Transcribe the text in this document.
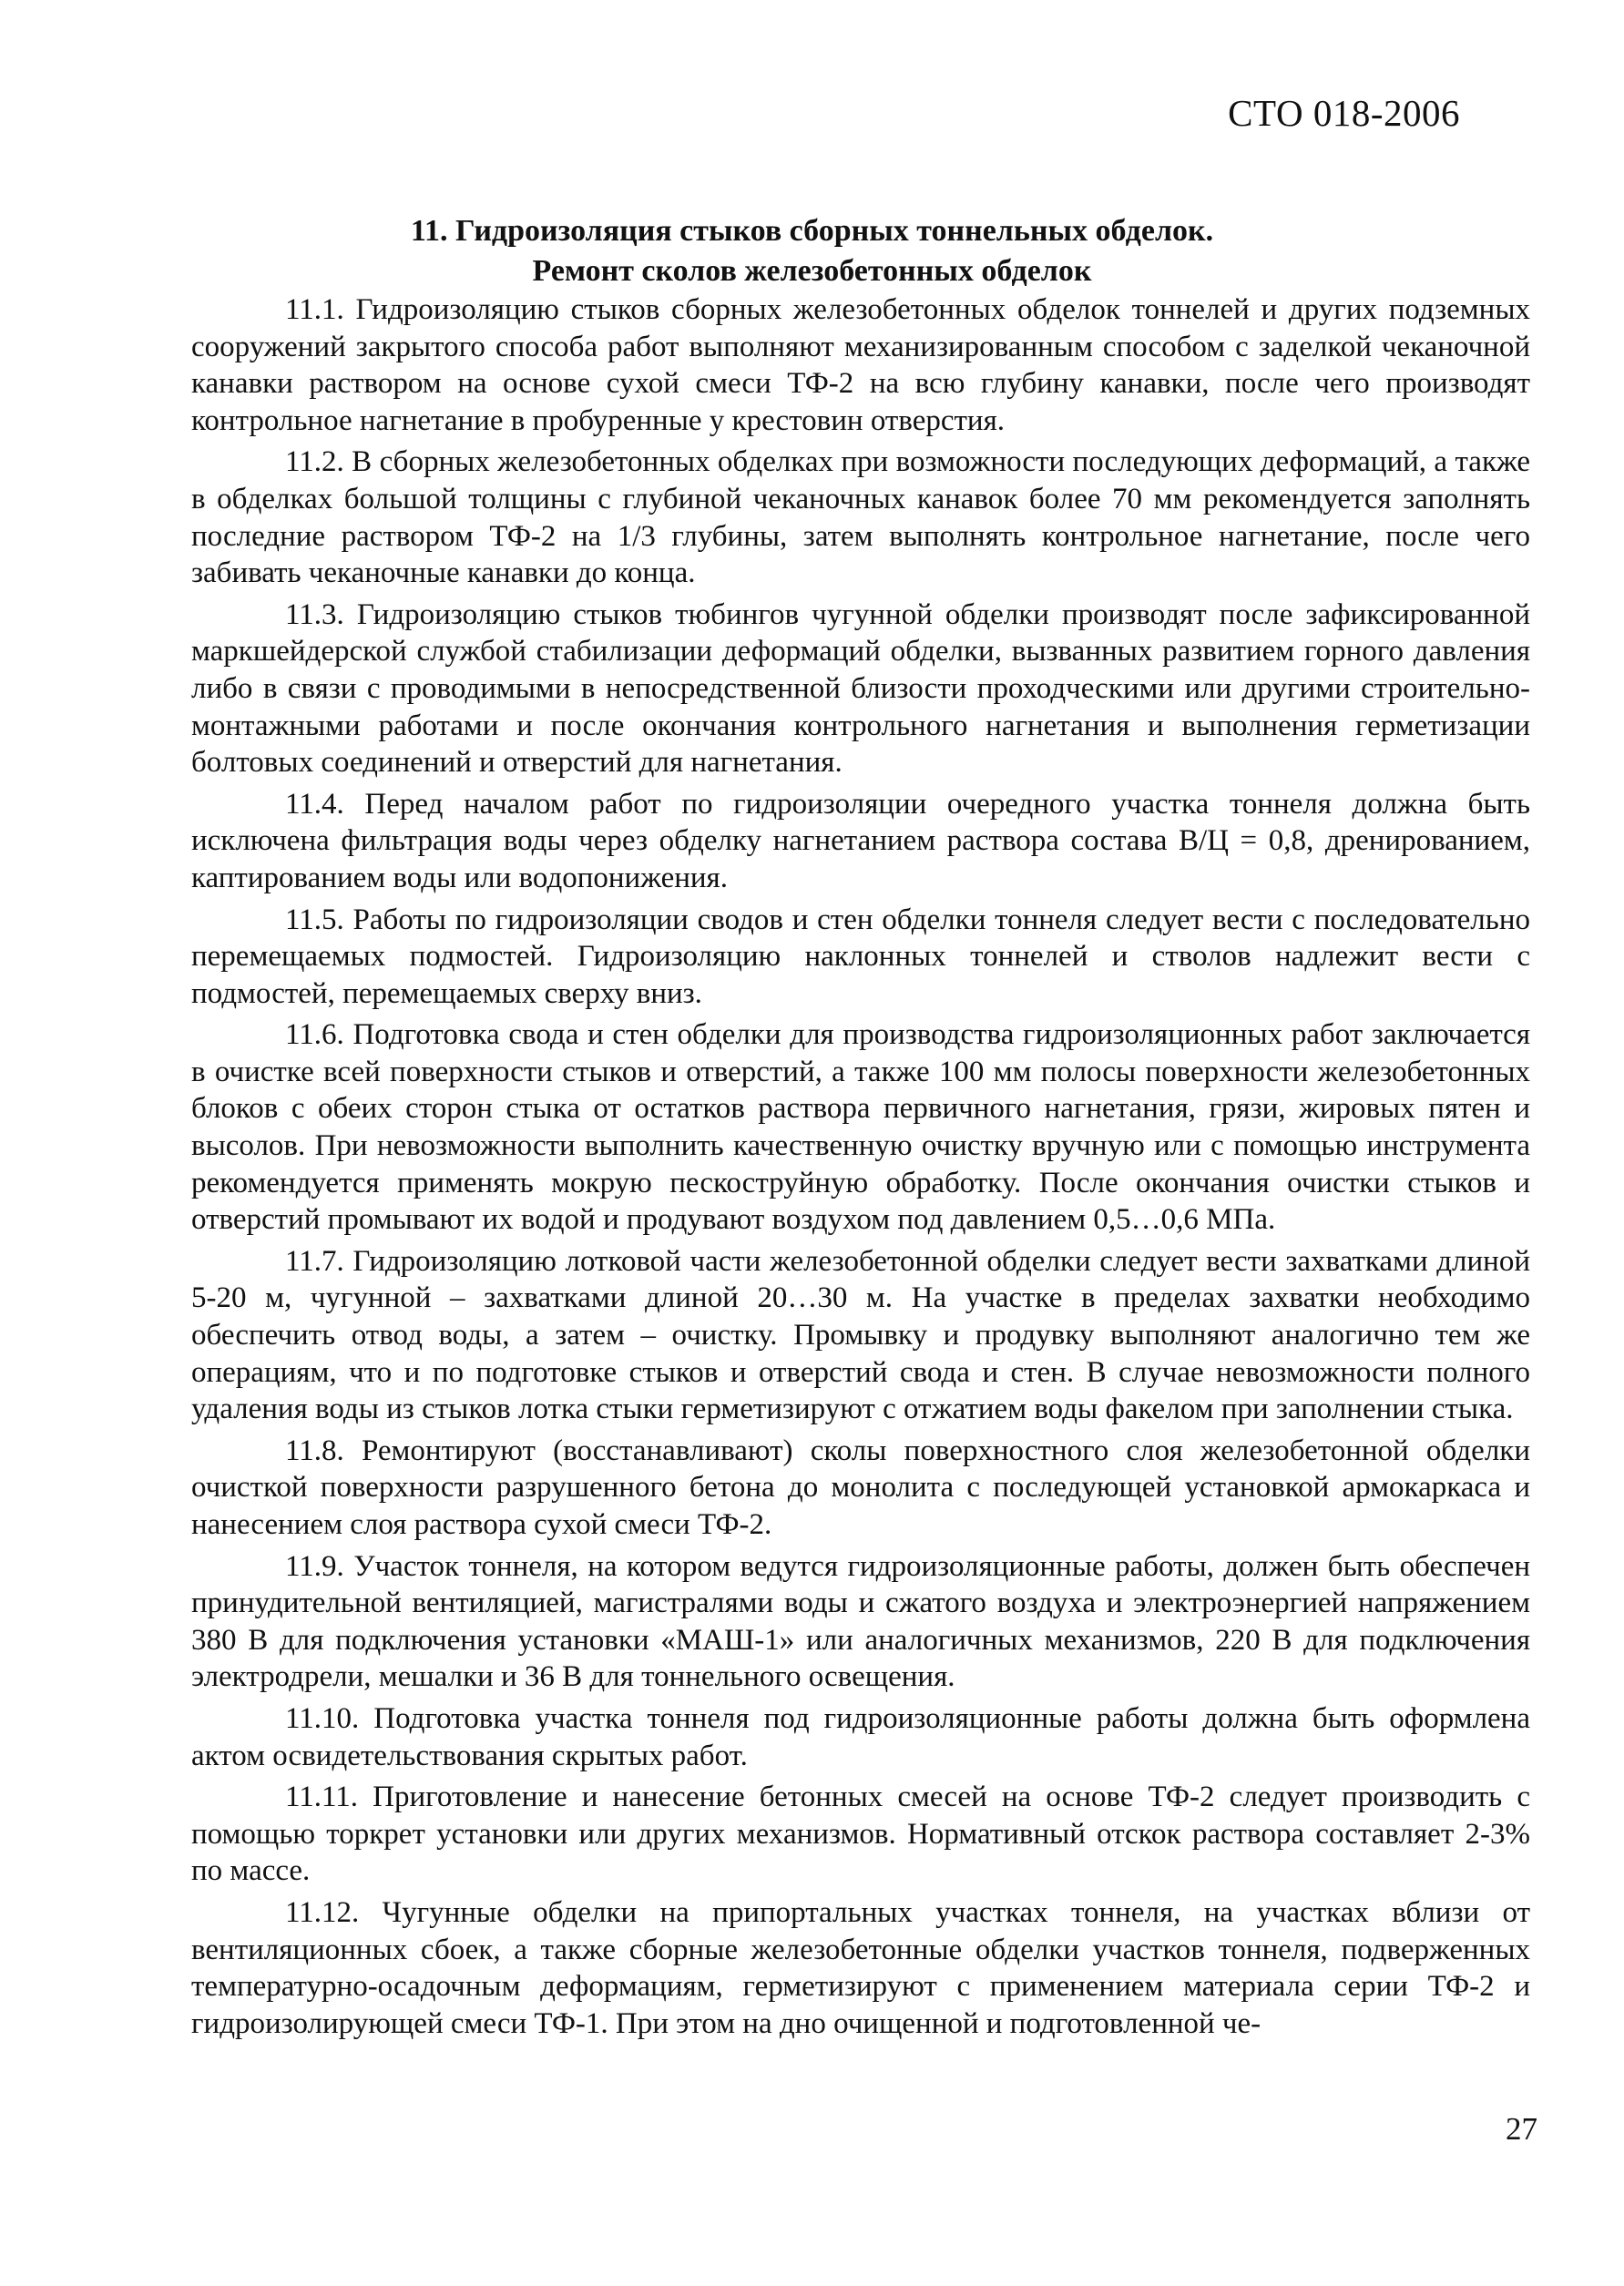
СТО 018-2006
11. Гидроизоляция стыков сборных тоннельных обделок.
Ремонт сколов железобетонных обделок

11.1. Гидроизоляцию стыков сборных железобетонных обделок тоннелей и других подземных сооружений закрытого способа работ выполняют механизированным способом с заделкой чеканочной канавки раствором на основе сухой смеси ТФ-2 на всю глубину канавки, после чего производят контрольное нагнетание в пробуренные у крестовин отверстия.

11.2. В сборных железобетонных обделках при возможности последующих деформаций, а также в обделках большой толщины с глубиной чеканочных канавок более 70 мм рекомендуется заполнять последние раствором ТФ-2 на 1/3 глубины, затем выполнять контрольное нагнетание, после чего забивать чеканочные канавки до конца.

11.3. Гидроизоляцию стыков тюбингов чугунной обделки производят после зафиксированной маркшейдерской службой стабилизации деформаций обделки, вызванных развитием горного давления либо в связи с проводимыми в непосредственной близости проходческими или другими строительно-монтажными работами и после окончания контрольного нагнетания и выполнения герметизации болтовых соединений и отверстий для нагнетания.

11.4. Перед началом работ по гидроизоляции очередного участка тоннеля должна быть исключена фильтрация воды через обделку нагнетанием раствора состава В/Ц = 0,8, дренированием, каптированием воды или водопонижения.

11.5. Работы по гидроизоляции сводов и стен обделки тоннеля следует вести с последовательно перемещаемых подмостей. Гидроизоляцию наклонных тоннелей и стволов надлежит вести с подмостей, перемещаемых сверху вниз.

11.6. Подготовка свода и стен обделки для производства гидроизоляционных работ заключается в очистке всей поверхности стыков и отверстий, а также 100 мм полосы поверхности железобетонных блоков с обеих сторон стыка от остатков раствора первичного нагнетания, грязи, жировых пятен и высолов. При невозможности выполнить качественную очистку вручную или с помощью инструмента рекомендуется применять мокрую пескоструйную обработку. После окончания очистки стыков и отверстий промывают их водой и продувают воздухом под давлением 0,5…0,6 МПа.

11.7. Гидроизоляцию лотковой части железобетонной обделки следует вести захватками длиной 5-20 м, чугунной – захватками длиной 20…30 м. На участке в пределах захватки необходимо обеспечить отвод воды, а затем – очистку. Промывку и продувку выполняют аналогично тем же операциям, что и по подготовке стыков и отверстий свода и стен. В случае невозможности полного удаления воды из стыков лотка стыки герметизируют с отжатием воды факелом при заполнении стыка.

11.8. Ремонтируют (восстанавливают) сколы поверхностного слоя железобетонной обделки очисткой поверхности разрушенного бетона до монолита с последующей установкой армокаркаса и нанесением слоя раствора сухой смеси ТФ-2.

11.9. Участок тоннеля, на котором ведутся гидроизоляционные работы, должен быть обеспечен принудительной вентиляцией, магистралями воды и сжатого воздуха и электроэнергией напряжением 380 В для подключения установки «МАШ-1» или аналогичных механизмов, 220 В для подключения электродрели, мешалки и 36 В для тоннельного освещения.

11.10. Подготовка участка тоннеля под гидроизоляционные работы должна быть оформлена актом освидетельствования скрытых работ.

11.11. Приготовление и нанесение бетонных смесей на основе ТФ-2 следует производить с помощью торкрет установки или других механизмов. Нормативный отскок раствора составляет 2-3% по массе.

11.12. Чугунные обделки на припортальных участках тоннеля, на участках вблизи от вентиляционных сбоек, а также сборные железобетонные обделки участков тоннеля, подверженных температурно-осадочным деформациям, герметизируют с применением материала серии ТФ-2 и гидроизолирующей смеси ТФ-1. При этом на дно очищенной и подготовленной че-

27
